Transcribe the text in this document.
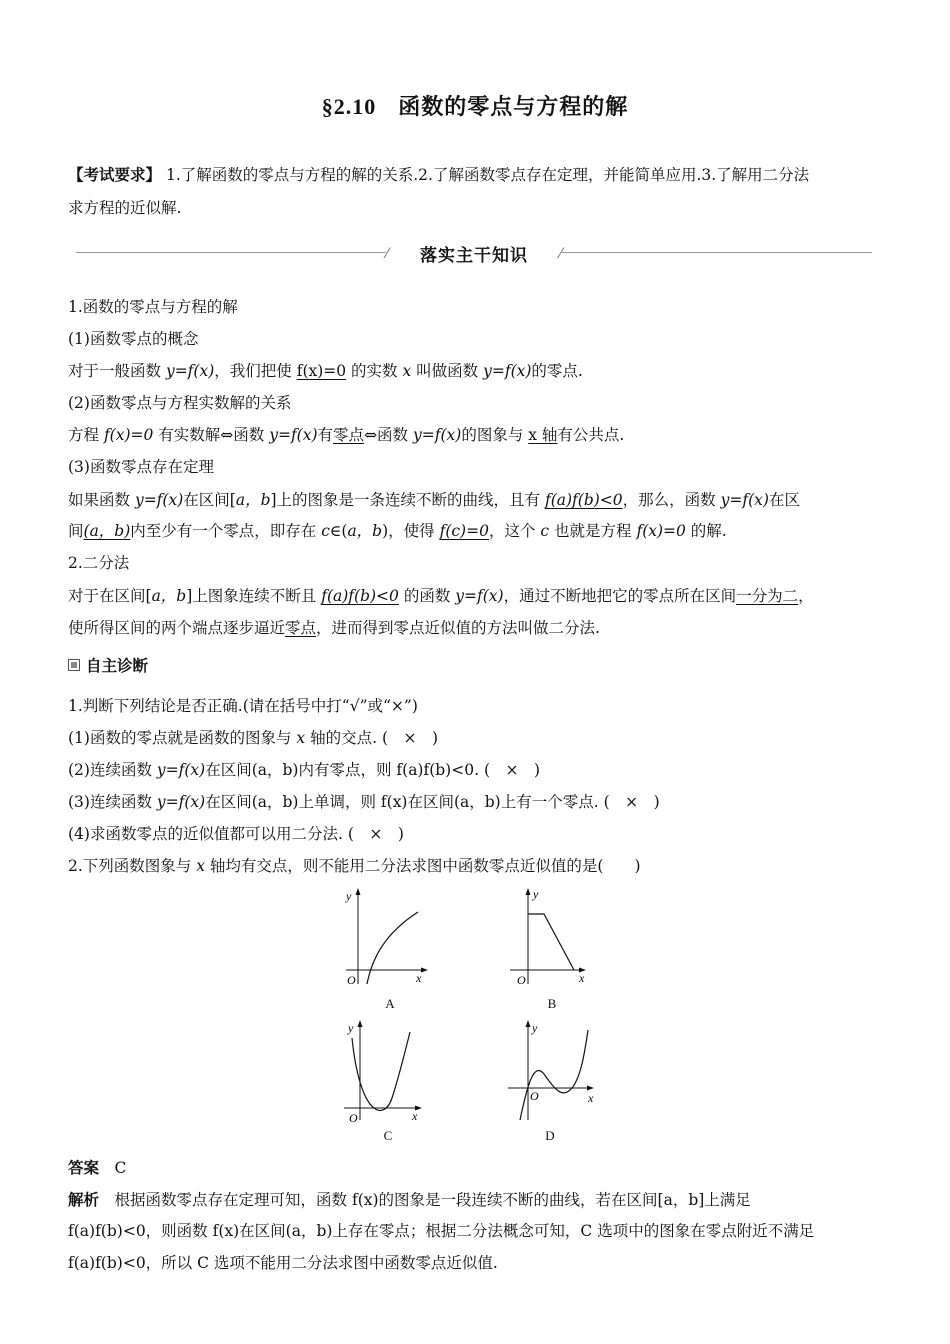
§2.10 函数的零点与方程的解
【考试要求】 1.了解函数的零点与方程的解的关系.2.了解函数零点存在定理，并能简单应用.3.了解用二分法
求方程的近似解.
⁄	落实主干知识	⁄
1.函数的零点与方程的解
(1)函数零点的概念
对于一般函数 y=f(x)，我们把使 f(x)=0 的实数 x 叫做函数 y=f(x)的零点.
(2)函数零点与方程实数解的关系
方程 f(x)=0 有实数解⇔函数 y=f(x)有零点⇔函数 y=f(x)的图象与 x 轴有公共点.
(3)函数零点存在定理
如果函数 y=f(x)在区间[a，b]上的图象是一条连续不断的曲线，且有 f(a)f(b)<0，那么，函数 y=f(x)在区
间(a，b)内至少有一个零点，即存在 c∈(a，b)，使得 f(c)=0，这个 c 也就是方程 f(x)=0 的解.
2.二分法
对于在区间[a，b]上图象连续不断且 f(a)f(b)<0 的函数 y=f(x)，通过不断地把它的零点所在区间一分为二，
使所得区间的两个端点逐步逼近零点，进而得到零点近似值的方法叫做二分法.
自主诊断
1.判断下列结论是否正确.(请在括号中打“√”或“×”)
(1)函数的零点就是函数的图象与 x 轴的交点. (　×　)
(2)连续函数 y=f(x)在区间(a，b)内有零点，则 f(a)f(b)<0. (　×　)
(3)连续函数 y=f(x)在区间(a，b)上单调，则 f(x)在区间(a，b)上有一个零点. (　×　)
(4)求函数零点的近似值都可以用二分法. (　×　)
2.下列函数图象与 x 轴均有交点，则不能用二分法求图中函数零点近似值的是(　　)
y
x
O
A
y
x
O
B
y
x
O
C
y
x
O
D
答案　 C
解析　 根据函数零点存在定理可知，函数 f(x)的图象是一段连续不断的曲线，若在区间[a，b]上满足
f(a)f(b)<0，则函数 f(x)在区间(a，b)上存在零点；根据二分法概念可知，C 选项中的图象在零点附近不满足
f(a)f(b)<0，所以 C 选项不能用二分法求图中函数零点近似值.
